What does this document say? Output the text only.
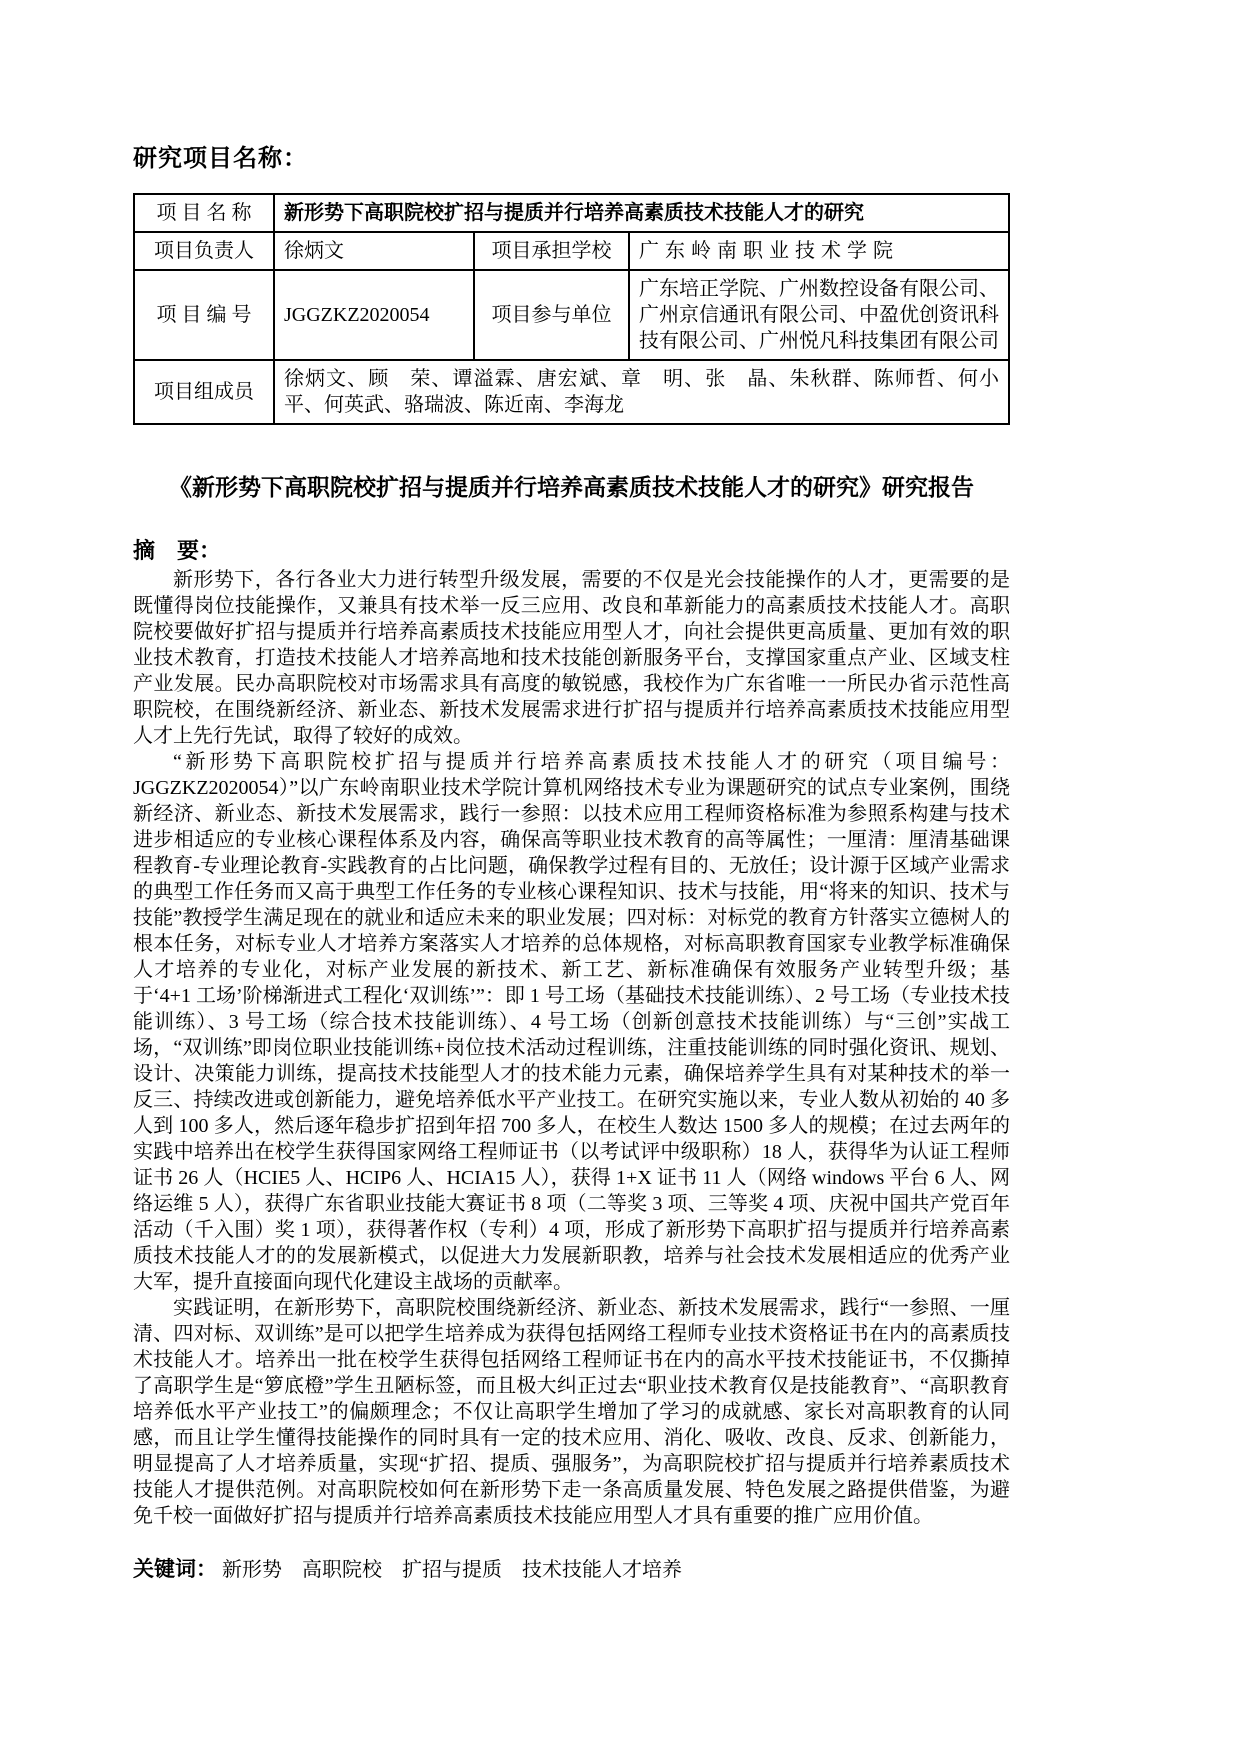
研究项目名称：
项 目 名 称	新形势下高职院校扩招与提质并行培养高素质技术技能人才的研究		
项目负责人	徐炳文	项目承担学校	广东岭南职业技术学院
项 目 编 号	JGGZKZ2020054	项目参与单位	广东培正学院、广州数控设备有限公司、广州京信通讯有限公司、中盈优创资讯科技有限公司、广州悦凡科技集团有限公司
项目组成员	徐炳文、顾　荣、谭溢霖、唐宏斌、章　明、张　晶、朱秋群、陈师哲、何小平、何英武、骆瑞波、陈近南、李海龙		
《新形势下高职院校扩招与提质并行培养高素质技术技能人才的研究》研究报告
摘　要：

新形势下，各行各业大力进行转型升级发展，需要的不仅是光会技能操作的人才，更需要的是既懂得岗位技能操作，又兼具有技术举一反三应用、改良和革新能力的高素质技术技能人才。高职院校要做好扩招与提质并行培养高素质技术技能应用型人才，向社会提供更高质量、更加有效的职业技术教育，打造技术技能人才培养高地和技术技能创新服务平台，支撑国家重点产业、区域支柱产业发展。民办高职院校对市场需求具有高度的敏锐感，我校作为广东省唯一一所民办省示范性高职院校，在围绕新经济、新业态、新技术发展需求进行扩招与提质并行培养高素质技术技能应用型人才上先行先试，取得了较好的成效。

“新形势下高职院校扩招与提质并行培养高素质技术技能人才的研究（项目编号：JGGZKZ2020054）”以广东岭南职业技术学院计算机网络技术专业为课题研究的试点专业案例，围绕新经济、新业态、新技术发展需求，践行一参照：以技术应用工程师资格标准为参照系构建与技术进步相适应的专业核心课程体系及内容，确保高等职业技术教育的高等属性；一厘清：厘清基础课程教育-专业理论教育-实践教育的占比问题，确保教学过程有目的、无放任；设计源于区域产业需求的典型工作任务而又高于典型工作任务的专业核心课程知识、技术与技能，用“将来的知识、技术与技能”教授学生满足现在的就业和适应未来的职业发展；四对标：对标党的教育方针落实立德树人的根本任务，对标专业人才培养方案落实人才培养的总体规格，对标高职教育国家专业教学标准确保人才培养的专业化，对标产业发展的新技术、新工艺、新标准确保有效服务产业转型升级；基于‘4+1 工场’阶梯渐进式工程化‘双训练’”：即 1 号工场（基础技术技能训练）、2 号工场（专业技术技能训练）、3 号工场（综合技术技能训练）、4 号工场（创新创意技术技能训练）与“三创”实战工场，“双训练”即岗位职业技能训练+岗位技术活动过程训练，注重技能训练的同时强化资讯、规划、设计、决策能力训练，提高技术技能型人才的技术能力元素，确保培养学生具有对某种技术的举一反三、持续改进或创新能力，避免培养低水平产业技工。在研究实施以来，专业人数从初始的 40 多人到 100 多人，然后逐年稳步扩招到年招 700 多人，在校生人数达 1500 多人的规模；在过去两年的实践中培养出在校学生获得国家网络工程师证书（以考试评中级职称）18 人，获得华为认证工程师证书 26 人（HCIE5 人、HCIP6 人、HCIA15 人），获得 1+X 证书 11 人（网络 windows 平台 6 人、网络运维 5 人），获得广东省职业技能大赛证书 8 项（二等奖 3 项、三等奖 4 项、庆祝中国共产党百年活动（千入围）奖 1 项），获得著作权（专利）4 项，形成了新形势下高职扩招与提质并行培养高素质技术技能人才的的发展新模式，以促进大力发展新职教，培养与社会技术发展相适应的优秀产业大军，提升直接面向现代化建设主战场的贡献率。

实践证明，在新形势下，高职院校围绕新经济、新业态、新技术发展需求，践行“一参照、一厘清、四对标、双训练”是可以把学生培养成为获得包括网络工程师专业技术资格证书在内的高素质技术技能人才。培养出一批在校学生获得包括网络工程师证书在内的高水平技术技能证书，不仅撕掉了高职学生是“箩底橙”学生丑陋标签，而且极大纠正过去“职业技术教育仅是技能教育”、“高职教育培养低水平产业技工”的偏颇理念；不仅让高职学生增加了学习的成就感、家长对高职教育的认同感，而且让学生懂得技能操作的同时具有一定的技术应用、消化、吸收、改良、反求、创新能力，明显提高了人才培养质量，实现“扩招、提质、强服务”，为高职院校扩招与提质并行培养素质技术技能人才提供范例。对高职院校如何在新形势下走一条高质量发展、特色发展之路提供借鉴，为避免千校一面做好扩招与提质并行培养高素质技术技能应用型人才具有重要的推广应用价值。

关键词： 新形势　高职院校　扩招与提质　技术技能人才培养
